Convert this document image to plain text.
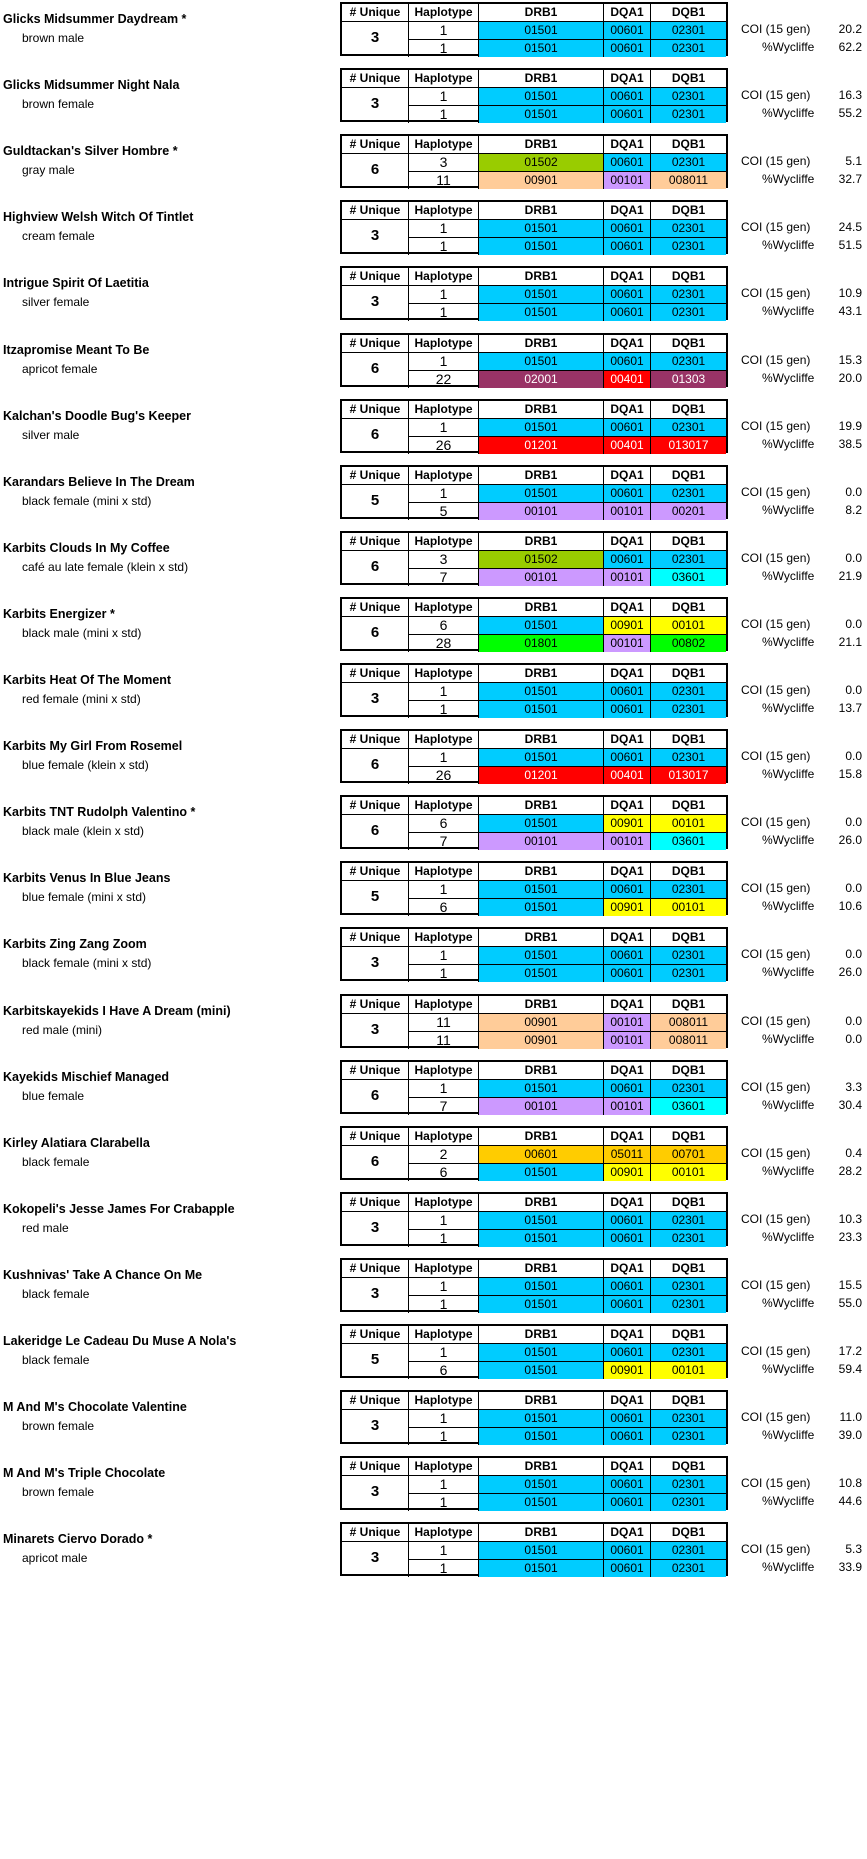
Glicks Midsummer Daydream *
brown male
# Unique	Haplotype	DRB1	DQA1	DQB1
3	1	01501	00601	02301
1	01501	00601	02301
COI (15 gen)	20.2
%Wycliffe	62.2
Glicks Midsummer Night Nala
brown female
# Unique	Haplotype	DRB1	DQA1	DQB1
3	1	01501	00601	02301
1	01501	00601	02301
COI (15 gen)	16.3
%Wycliffe	55.2
Guldtackan's Silver Hombre *
gray male
# Unique	Haplotype	DRB1	DQA1	DQB1
6	3	01502	00601	02301
11	00901	00101	008011
COI (15 gen)	5.1
%Wycliffe	32.7
Highview Welsh Witch Of Tintlet
cream female
# Unique	Haplotype	DRB1	DQA1	DQB1
3	1	01501	00601	02301
1	01501	00601	02301
COI (15 gen)	24.5
%Wycliffe	51.5
Intrigue Spirit Of Laetitia
silver female
# Unique	Haplotype	DRB1	DQA1	DQB1
3	1	01501	00601	02301
1	01501	00601	02301
COI (15 gen)	10.9
%Wycliffe	43.1
Itzapromise Meant To Be
apricot female
# Unique	Haplotype	DRB1	DQA1	DQB1
6	1	01501	00601	02301
22	02001	00401	01303
COI (15 gen)	15.3
%Wycliffe	20.0
Kalchan's Doodle Bug's Keeper
silver male
# Unique	Haplotype	DRB1	DQA1	DQB1
6	1	01501	00601	02301
26	01201	00401	013017
COI (15 gen)	19.9
%Wycliffe	38.5
Karandars Believe In The Dream
black female (mini x std)
# Unique	Haplotype	DRB1	DQA1	DQB1
5	1	01501	00601	02301
5	00101	00101	00201
COI (15 gen)	0.0
%Wycliffe	8.2
Karbits Clouds In My Coffee
café au late female (klein x std)
# Unique	Haplotype	DRB1	DQA1	DQB1
6	3	01502	00601	02301
7	00101	00101	03601
COI (15 gen)	0.0
%Wycliffe	21.9
Karbits Energizer *
black male (mini x std)
# Unique	Haplotype	DRB1	DQA1	DQB1
6	6	01501	00901	00101
28	01801	00101	00802
COI (15 gen)	0.0
%Wycliffe	21.1
Karbits Heat Of The Moment
red female (mini x std)
# Unique	Haplotype	DRB1	DQA1	DQB1
3	1	01501	00601	02301
1	01501	00601	02301
COI (15 gen)	0.0
%Wycliffe	13.7
Karbits My Girl From Rosemel
blue female (klein x std)
# Unique	Haplotype	DRB1	DQA1	DQB1
6	1	01501	00601	02301
26	01201	00401	013017
COI (15 gen)	0.0
%Wycliffe	15.8
Karbits TNT Rudolph Valentino *
black male (klein x std)
# Unique	Haplotype	DRB1	DQA1	DQB1
6	6	01501	00901	00101
7	00101	00101	03601
COI (15 gen)	0.0
%Wycliffe	26.0
Karbits Venus In Blue Jeans
blue female (mini x std)
# Unique	Haplotype	DRB1	DQA1	DQB1
5	1	01501	00601	02301
6	01501	00901	00101
COI (15 gen)	0.0
%Wycliffe	10.6
Karbits Zing Zang Zoom
black female (mini x std)
# Unique	Haplotype	DRB1	DQA1	DQB1
3	1	01501	00601	02301
1	01501	00601	02301
COI (15 gen)	0.0
%Wycliffe	26.0
Karbitskayekids I Have A Dream (mini)
red male (mini)
# Unique	Haplotype	DRB1	DQA1	DQB1
3	11	00901	00101	008011
11	00901	00101	008011
COI (15 gen)	0.0
%Wycliffe	0.0
Kayekids Mischief Managed
blue female
# Unique	Haplotype	DRB1	DQA1	DQB1
6	1	01501	00601	02301
7	00101	00101	03601
COI (15 gen)	3.3
%Wycliffe	30.4
Kirley Alatiara Clarabella
black female
# Unique	Haplotype	DRB1	DQA1	DQB1
6	2	00601	05011	00701
6	01501	00901	00101
COI (15 gen)	0.4
%Wycliffe	28.2
Kokopeli's Jesse James For Crabapple
red male
# Unique	Haplotype	DRB1	DQA1	DQB1
3	1	01501	00601	02301
1	01501	00601	02301
COI (15 gen)	10.3
%Wycliffe	23.3
Kushnivas' Take A Chance On Me
black female
# Unique	Haplotype	DRB1	DQA1	DQB1
3	1	01501	00601	02301
1	01501	00601	02301
COI (15 gen)	15.5
%Wycliffe	55.0
Lakeridge Le Cadeau Du Muse A Nola's
black female
# Unique	Haplotype	DRB1	DQA1	DQB1
5	1	01501	00601	02301
6	01501	00901	00101
COI (15 gen)	17.2
%Wycliffe	59.4
M And M's Chocolate Valentine
brown female
# Unique	Haplotype	DRB1	DQA1	DQB1
3	1	01501	00601	02301
1	01501	00601	02301
COI (15 gen)	11.0
%Wycliffe	39.0
M And M's Triple Chocolate
brown female
# Unique	Haplotype	DRB1	DQA1	DQB1
3	1	01501	00601	02301
1	01501	00601	02301
COI (15 gen)	10.8
%Wycliffe	44.6
Minarets Ciervo Dorado *
apricot male
# Unique	Haplotype	DRB1	DQA1	DQB1
3	1	01501	00601	02301
1	01501	00601	02301
COI (15 gen)	5.3
%Wycliffe	33.9
